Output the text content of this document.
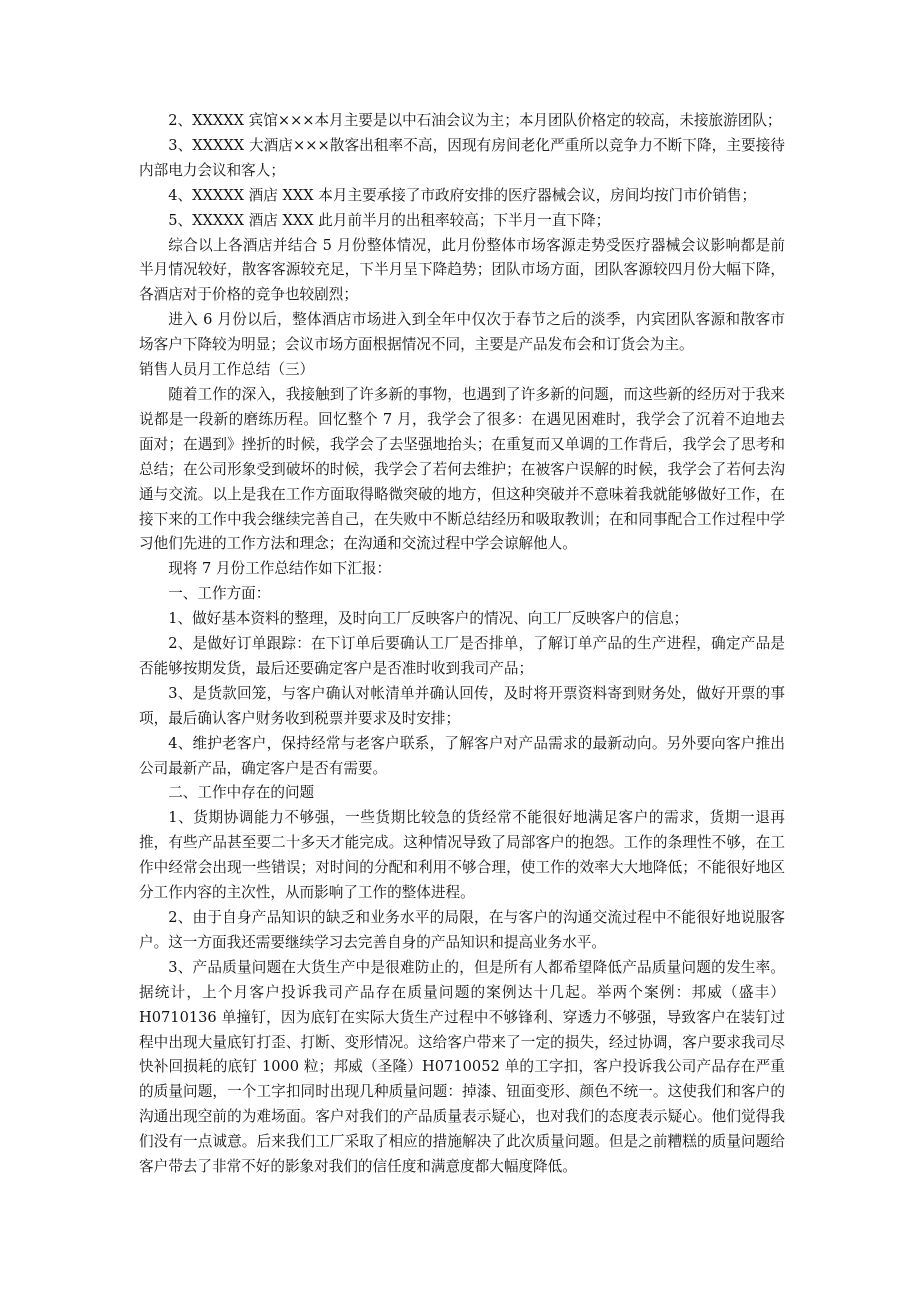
2、XXXXX 宾馆×××本月主要是以中石油会议为主；本月团队价格定的较高，未接旅游团队；

3、XXXXX 大酒店×××散客出租率不高，因现有房间老化严重所以竞争力不断下降，主要接待内部电力会议和客人；

4、XXXXX 酒店 XXX 本月主要承接了市政府安排的医疗器械会议，房间均按门市价销售；

5、XXXXX 酒店 XXX 此月前半月的出租率较高；下半月一直下降；

综合以上各酒店并结合 5 月份整体情况，此月份整体市场客源走势受医疗器械会议影响都是前半月情况较好，散客客源较充足，下半月呈下降趋势；团队市场方面，团队客源较四月份大幅下降，各酒店对于价格的竞争也较剧烈；

进入 6 月份以后，整体酒店市场进入到全年中仅次于春节之后的淡季，内宾团队客源和散客市场客户下降较为明显；会议市场方面根据情况不同，主要是产品发布会和订货会为主。

销售人员月工作总结（三）

随着工作的深入，我接触到了许多新的事物，也遇到了许多新的问题，而这些新的经历对于我来说都是一段新的磨练历程。回忆整个 7 月，我学会了很多：在遇见困难时，我学会了沉着不迫地去面对；在遇到》挫折的时候，我学会了去坚强地抬头；在重复而又单调的工作背后，我学会了思考和总结；在公司形象受到破坏的时候，我学会了若何去维护；在被客户误解的时候，我学会了若何去沟通与交流。以上是我在工作方面取得略微突破的地方，但这种突破并不意味着我就能够做好工作，在接下来的工作中我会继续完善自己，在失败中不断总结经历和吸取教训；在和同事配合工作过程中学习他们先进的工作方法和理念；在沟通和交流过程中学会谅解他人。

现将 7 月份工作总结作如下汇报：

一、工作方面：

1、做好基本资料的整理，及时向工厂反映客户的情况、向工厂反映客户的信息；

2、是做好订单跟踪：在下订单后要确认工厂是否排单，了解订单产品的生产进程，确定产品是否能够按期发货，最后还要确定客户是否准时收到我司产品；

3、是货款回笼，与客户确认对帐清单并确认回传，及时将开票资料寄到财务处，做好开票的事项，最后确认客户财务收到税票并要求及时安排；

4、维护老客户，保持经常与老客户联系，了解客户对产品需求的最新动向。另外要向客户推出公司最新产品，确定客户是否有需要。

二、工作中存在的问题

1、货期协调能力不够强，一些货期比较急的货经常不能很好地满足客户的需求，货期一退再推，有些产品甚至要二十多天才能完成。这种情况导致了局部客户的抱怨。工作的条理性不够，在工作中经常会出现一些错误；对时间的分配和利用不够合理，使工作的效率大大地降低；不能很好地区分工作内容的主次性，从而影响了工作的整体进程。

2、由于自身产品知识的缺乏和业务水平的局限，在与客户的沟通交流过程中不能很好地说服客户。这一方面我还需要继续学习去完善自身的产品知识和提高业务水平。

3、产品质量问题在大货生产中是很难防止的，但是所有人都希望降低产品质量问题的发生率。据统计，上个月客户投诉我司产品存在质量问题的案例达十几起。举两个案例：邦威（盛丰）H0710136 单撞钉，因为底钉在实际大货生产过程中不够锋利、穿透力不够强，导致客户在装钉过程中出现大量底钉打歪、打断、变形情况。这给客户带来了一定的损失，经过协调，客户要求我司尽快补回损耗的底钉 1000 粒；邦威（圣隆）H0710052 单的工字扣，客户投诉我公司产品存在严重的质量问题，一个工字扣同时出现几种质量问题：掉漆、钮面变形、颜色不统一。这使我们和客户的沟通出现空前的为难场面。客户对我们的产品质量表示疑心，也对我们的态度表示疑心。他们觉得我们没有一点诚意。后来我们工厂采取了相应的措施解决了此次质量问题。但是之前糟糕的质量问题给客户带去了非常不好的影象对我们的信任度和满意度都大幅度降低。
